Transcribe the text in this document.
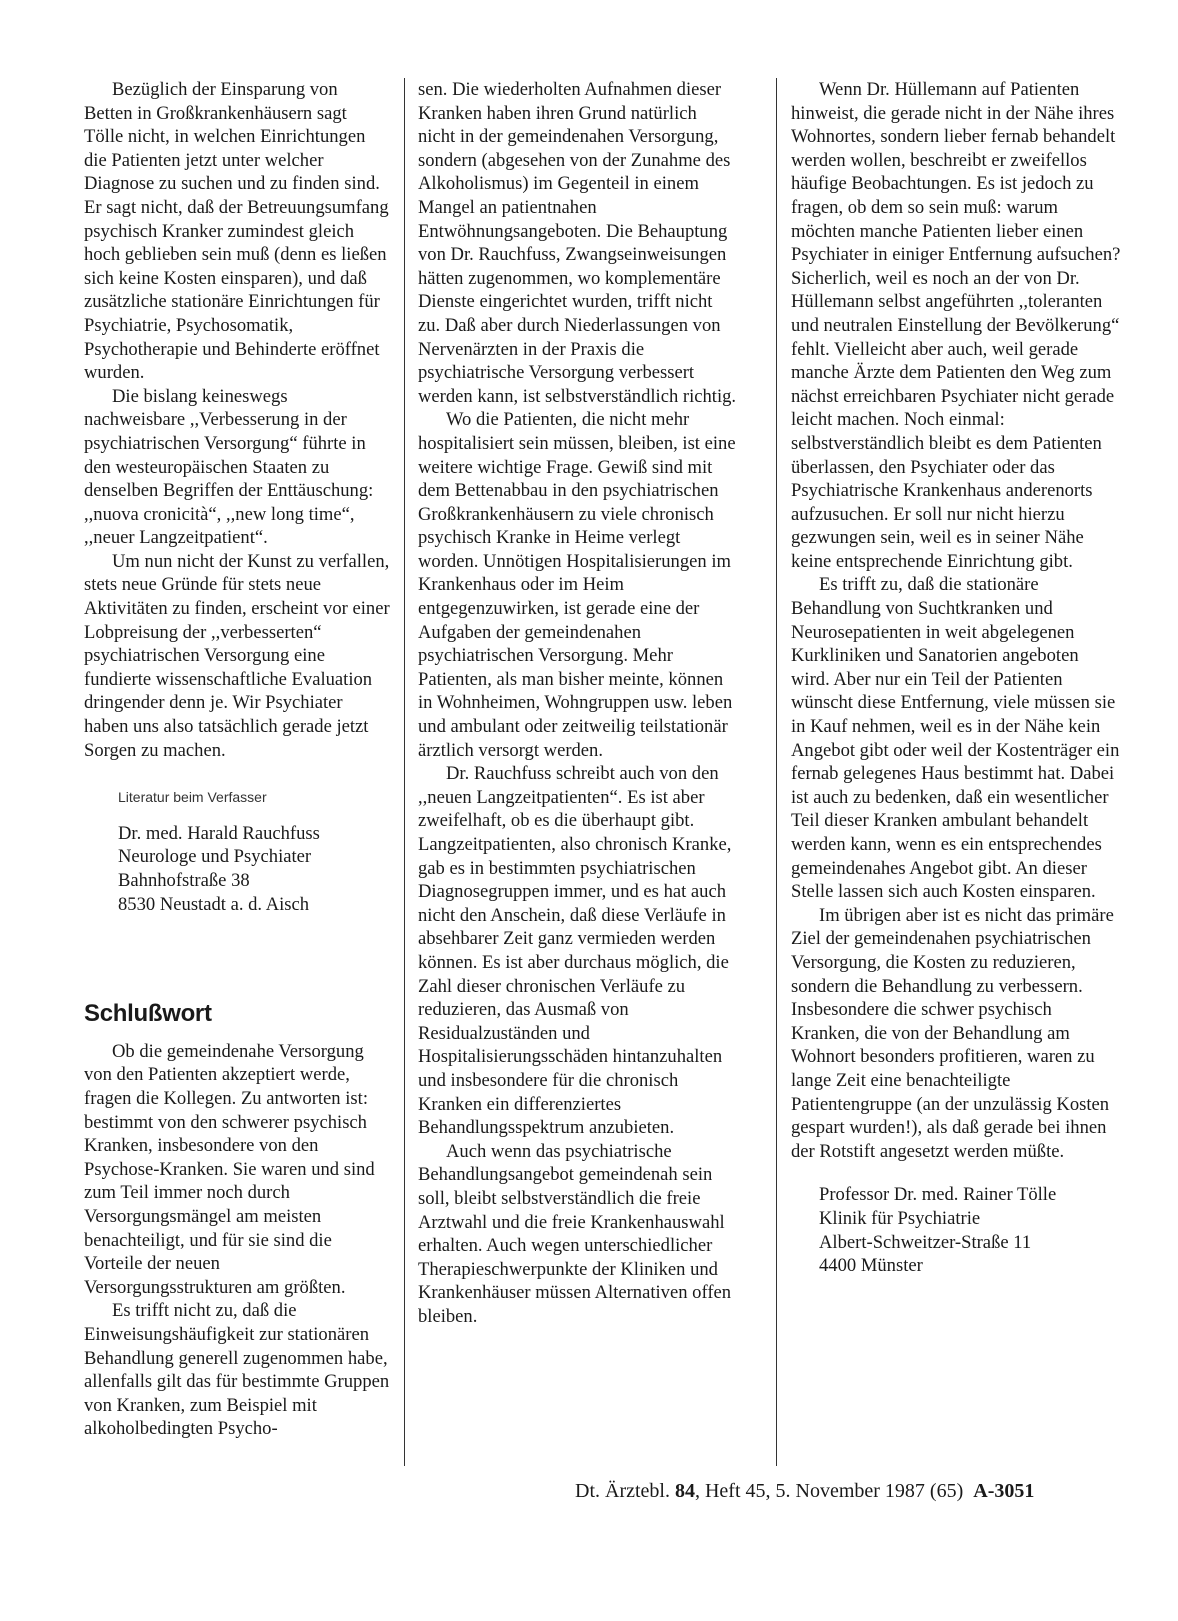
Bezüglich der Einsparung von Betten in Großkrankenhäusern sagt Tölle nicht, in welchen Einrichtungen die Patienten jetzt unter welcher Diagnose zu suchen und zu finden sind. Er sagt nicht, daß der Betreuungsumfang psychisch Kranker zumindest gleich hoch geblieben sein muß (denn es ließen sich keine Kosten einsparen), und daß zusätzliche stationäre Einrichtungen für Psychiatrie, Psychosomatik, Psychotherapie und Behinderte eröffnet wurden.

Die bislang keineswegs nachweisbare ,,Verbesserung in der psychiatrischen Versorgung“ führte in den westeuropäischen Staaten zu denselben Begriffen der Enttäuschung: ,,nuova cronicità“, ,,new long time“, ,,neuer Langzeitpatient“.

Um nun nicht der Kunst zu verfallen, stets neue Gründe für stets neue Aktivitäten zu finden, erscheint vor einer Lobpreisung der ,,verbesserten“ psychiatrischen Versorgung eine fundierte wissenschaftliche Evaluation dringender denn je. Wir Psychiater haben uns also tatsächlich gerade jetzt Sorgen zu machen.

Literatur beim Verfasser
Dr. med. Harald Rauchfuss
Neurologe und Psychiater
Bahnhofstraße 38
8530 Neustadt a. d. Aisch
Schlußwort

Ob die gemeindenahe Versorgung von den Patienten akzeptiert werde, fragen die Kollegen. Zu antworten ist: bestimmt von den schwerer psychisch Kranken, insbesondere von den Psychose-Kranken. Sie waren und sind zum Teil immer noch durch Versorgungsmängel am meisten benachteiligt, und für sie sind die Vorteile der neuen Versorgungsstrukturen am größten.

Es trifft nicht zu, daß die Einweisungshäufigkeit zur stationären Behandlung generell zugenommen habe, allenfalls gilt das für bestimmte Gruppen von Kranken, zum Beispiel mit alkoholbedingten Psycho-

sen. Die wiederholten Aufnahmen dieser Kranken haben ihren Grund natürlich nicht in der gemeindenahen Versorgung, sondern (abgesehen von der Zunahme des Alkoholismus) im Gegenteil in einem Mangel an patientnahen Entwöhnungsangeboten. Die Behauptung von Dr. Rauchfuss, Zwangseinweisungen hätten zugenommen, wo komplementäre Dienste eingerichtet wurden, trifft nicht zu. Daß aber durch Niederlassungen von Nervenärzten in der Praxis die psychiatrische Versorgung verbessert werden kann, ist selbstverständlich richtig.

Wo die Patienten, die nicht mehr hospitalisiert sein müssen, bleiben, ist eine weitere wichtige Frage. Gewiß sind mit dem Bettenabbau in den psychiatrischen Großkrankenhäusern zu viele chronisch psychisch Kranke in Heime verlegt worden. Unnötigen Hospitalisierungen im Krankenhaus oder im Heim entgegenzuwirken, ist gerade eine der Aufgaben der gemeindenahen psychiatrischen Versorgung. Mehr Patienten, als man bisher meinte, können in Wohnheimen, Wohngruppen usw. leben und ambulant oder zeitweilig teilstationär ärztlich versorgt werden.

Dr. Rauchfuss schreibt auch von den ,,neuen Langzeitpatienten“. Es ist aber zweifelhaft, ob es die überhaupt gibt. Langzeitpatienten, also chronisch Kranke, gab es in bestimmten psychiatrischen Diagnosegruppen immer, und es hat auch nicht den Anschein, daß diese Verläufe in absehbarer Zeit ganz vermieden werden können. Es ist aber durchaus möglich, die Zahl dieser chronischen Verläufe zu reduzieren, das Ausmaß von Residualzuständen und Hospitalisierungsschäden hintanzuhalten und insbesondere für die chronisch Kranken ein differenziertes Behandlungsspektrum anzubieten.

Auch wenn das psychiatrische Behandlungsangebot gemeindenah sein soll, bleibt selbstverständlich die freie Arztwahl und die freie Krankenhauswahl erhalten. Auch wegen unterschiedlicher Therapieschwerpunkte der Kliniken und Krankenhäuser müssen Alternativen offen bleiben.

Wenn Dr. Hüllemann auf Patienten hinweist, die gerade nicht in der Nähe ihres Wohnortes, sondern lieber fernab behandelt werden wollen, beschreibt er zweifellos häufige Beobachtungen. Es ist jedoch zu fragen, ob dem so sein muß: warum möchten manche Patienten lieber einen Psychiater in einiger Entfernung aufsuchen? Sicherlich, weil es noch an der von Dr. Hüllemann selbst angeführten ,,toleranten und neutralen Einstellung der Bevölkerung“ fehlt. Vielleicht aber auch, weil gerade manche Ärzte dem Patienten den Weg zum nächst erreichbaren Psychiater nicht gerade leicht machen. Noch einmal: selbstverständlich bleibt es dem Patienten überlassen, den Psychiater oder das Psychiatrische Krankenhaus anderenorts aufzusuchen. Er soll nur nicht hierzu gezwungen sein, weil es in seiner Nähe keine entsprechende Einrichtung gibt.

Es trifft zu, daß die stationäre Behandlung von Suchtkranken und Neurosepatienten in weit abgelegenen Kurkliniken und Sanatorien angeboten wird. Aber nur ein Teil der Patienten wünscht diese Entfernung, viele müssen sie in Kauf nehmen, weil es in der Nähe kein Angebot gibt oder weil der Kostenträger ein fernab gelegenes Haus bestimmt hat. Dabei ist auch zu bedenken, daß ein wesentlicher Teil dieser Kranken ambulant behandelt werden kann, wenn es ein entsprechendes gemeindenahes Angebot gibt. An dieser Stelle lassen sich auch Kosten einsparen.

Im übrigen aber ist es nicht das primäre Ziel der gemeindenahen psychiatrischen Versorgung, die Kosten zu reduzieren, sondern die Behandlung zu verbessern. Insbesondere die schwer psychisch Kranken, die von der Behandlung am Wohnort besonders profitieren, waren zu lange Zeit eine benachteiligte Patientengruppe (an der unzulässig Kosten gespart wurden!), als daß gerade bei ihnen der Rotstift angesetzt werden müßte.

Professor Dr. med. Rainer Tölle
Klinik für Psychiatrie
Albert-Schweitzer-Straße 11
4400 Münster
Dt. Ärztebl. 84, Heft 45, 5. November 1987 (65) A-3051
